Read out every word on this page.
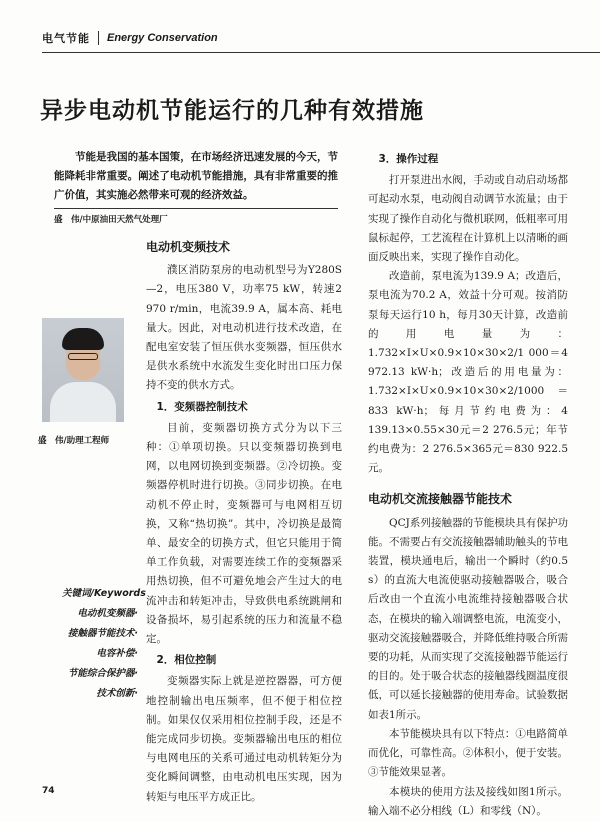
电气节能 Energy Conservation
异步电动机节能运行的几种有效措施
节能是我国的基本国策，在市场经济迅速发展的今天，节能降耗非常重要。阐述了电动机节能措施，具有非常重要的推广价值，其实施必然带来可观的经济效益。
盛　伟/中原油田天然气处理厂
盛　伟/助理工程师
关键词/Keywords
电动机变频器·
接触器节能技术·
电容补偿·
节能综合保护器·
技术创新·
电动机变频技术

濮区消防泵房的电动机型号为Y280S—2，电压380 V，功率75 kW，转速2 970 r/min，电流39.9 A，属本高、耗电量大。因此，对电动机进行技术改造，在配电室安装了恒压供水变频器，恒压供水是供水系统中水流发生变化时出口压力保持不变的供水方式。

1．变频器控制技术

目前，变频器切换方式分为以下三种：①单项切换。只以变频器切换到电网，以电网切换到变频器。②冷切换。变频器停机时进行切换。③同步切换。在电动机不停止时，变频器可与电网相互切换，又称“热切换”。其中，冷切换是最简单、最安全的切换方式，但它只能用于简单工作负载，对需要连续工作的变频器采用热切换，但不可避免地会产生过大的电流冲击和转矩冲击，导致供电系统跳闸和设备损坏，易引起系统的压力和流量不稳定。

2．相位控制

变频器实际上就是逆控器器，可方便地控制输出电压频率，但不便于相位控制。如果仅仅采用相位控制手段，还是不能完成同步切换。变频器输出电压的相位与电网电压的关系可通过电动机转矩分为变化瞬间调整，由电动机电压实现，因为转矩与电压平方成正比。

3．操作过程

打开泵进出水阀，手动或自动启动场都可起动水泵，电动阀自动调节水流量；由于实现了操作自动化与微机联网，低粗率可用鼠标起停，工艺流程在计算机上以清晰的画面反映出来，实现了操作自动化。

改造前，泵电流为139.9 A；改造后，泵电流为70.2 A，效益十分可观。按消防泵每天运行10 h，每月30天计算，改造前的用电量为：1.732×I×U×0.9×10×30×2/1 000＝4 972.13 kW·h；改造后的用电量为：1.732×I×U×0.9×10×30×2/1000＝833 kW·h；每月节约电费为：4 139.13×0.55×30元＝2 276.5元；年节约电费为：2 276.5×365元＝830 922.5元。

电动机交流接触器节能技术

QCJ系列接触器的节能模块具有保护功能。不需要占有交流接触器辅助触头的节电装置，模块通电后，输出一个瞬时（约0.5 s）的直流大电流使驱动接触器吸合，吸合后改由一个直流小电流维持接触器吸合状态，在模块的输入端调整电流，电流变小，驱动交流接触器吸合，并降低维持吸合所需要的功耗，从而实现了交流接触器节能运行的目的。处于吸合状态的接触器线圈温度很低，可以延长接触器的使用寿命。试验数据如表1所示。

本节能模块具有以下特点：①电路简单而优化，可靠性高。②体积小，便于安装。③节能效果显著。

本模块的使用方法及接线如图1所示。输入端不必分相线（L）和零线（N）。

74
